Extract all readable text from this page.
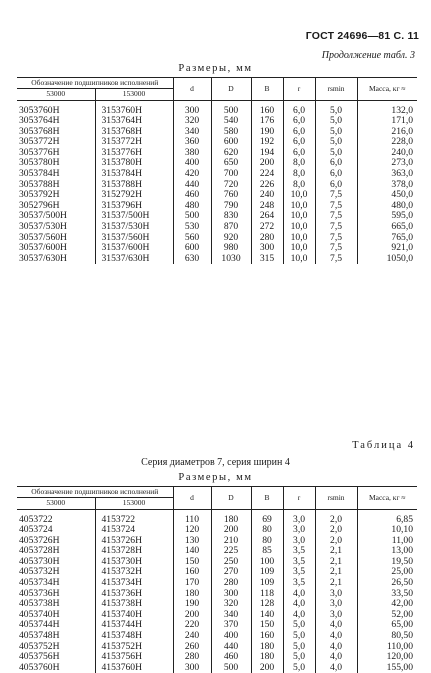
ГОСТ 24696—81 С. 11
Продолжение табл. 3
Размеры, мм
Обозначение подшипников исполнений		d	D	B	r	rsmin	Масса, кг ≈
53000	153000						
3053760Н	3153760Н	300	500	160	6,0	5,0	132,0
3053764Н	3153764Н	320	540	176	6,0	5,0	171,0
3053768Н	3153768Н	340	580	190	6,0	5,0	216,0
3053772Н	3153772Н	360	600	192	6,0	5,0	228,0
3053776Н	3153776Н	380	620	194	6,0	5,0	240,0
3053780Н	3153780Н	400	650	200	8,0	6,0	273,0
3053784Н	3153784Н	420	700	224	8,0	6,0	363,0
3053788Н	3153788Н	440	720	226	8,0	6,0	378,0
3053792Н	3152792Н	460	760	240	10,0	7,5	450,0
3052796Н	3153796Н	480	790	248	10,0	7,5	480,0
30537/500Н	31537/500Н	500	830	264	10,0	7,5	595,0
30537/530Н	31537/530Н	530	870	272	10,0	7,5	665,0
30537/560Н	31537/560Н	560	920	280	10,0	7,5	765,0
30537/600Н	31537/600Н	600	980	300	10,0	7,5	921,0
30537/630Н	31537/630Н	630	1030	315	10,0	7,5	1050,0
Таблица 4
Серия диаметров 7, серия ширин 4
Размеры, мм
Обозначение подшипников исполнений		d	D	B	r	rsmin	Масса, кг ≈
53000	153000						
4053722	4153722	110	180	69	3,0	2,0	6,85
4053724	4153724	120	200	80	3,0	2,0	10,10
4053726Н	4153726Н	130	210	80	3,0	2,0	11,00
4053728Н	4153728Н	140	225	85	3,5	2,1	13,00
4053730Н	4153730Н	150	250	100	3,5	2,1	19,50
4053732Н	4153732Н	160	270	109	3,5	2,1	25,00
4053734Н	4153734Н	170	280	109	3,5	2,1	26,50
4053736Н	4153736Н	180	300	118	4,0	3,0	33,50
4053738Н	4153738Н	190	320	128	4,0	3,0	42,00
4053740Н	4153740Н	200	340	140	4,0	3,0	52,00
4053744Н	4153744Н	220	370	150	5,0	4,0	65,00
4053748Н	4153748Н	240	400	160	5,0	4,0	80,50
4053752Н	4153752Н	260	440	180	5,0	4,0	110,00
4053756Н	4153756Н	280	460	180	5,0	4,0	120,00
4053760Н	4153760Н	300	500	200	5,0	4,0	155,00
